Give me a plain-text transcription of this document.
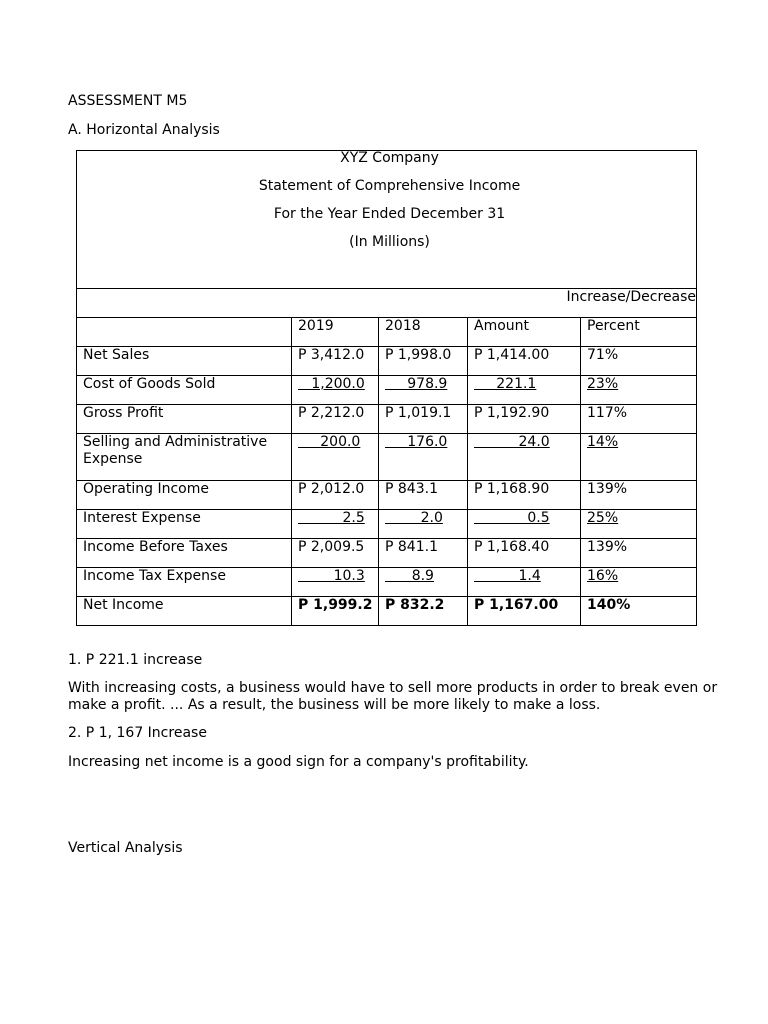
ASSESSMENT M5
A. Horizontal Analysis
XYZ Company
Statement of Comprehensive Income
For the Year Ended December 31
(In Millions)				

Increase/Decrease				
	2019	2018	Amount	Percent
Net Sales	P 3,412.0	P 1,998.0	P 1,414.00	71%
Cost of Goods Sold	1,200.0	978.9	221.1	23%
Gross Profit	P 2,212.0	P 1,019.1	P 1,192.90	117%
Selling and Administrative Expense	200.0	176.0	24.0	14%
Operating Income	P 2,012.0	P 843.1	P 1,168.90	139%
Interest Expense	2.5	2.0	0.5	25%
Income Before Taxes	P 2,009.5	P 841.1	P 1,168.40	139%
Income Tax Expense	10.3	8.9	1.4	16%
Net Income	P 1,999.2	P 832.2	P 1,167.00	140%
1. P 221.1 increase
With increasing costs, a business would have to sell more products in order to break even or make a profit. ... As a result, the business will be more likely to make a loss.
2. P 1, 167 Increase
Increasing net income is a good sign for a company's profitability.
Vertical Analysis
